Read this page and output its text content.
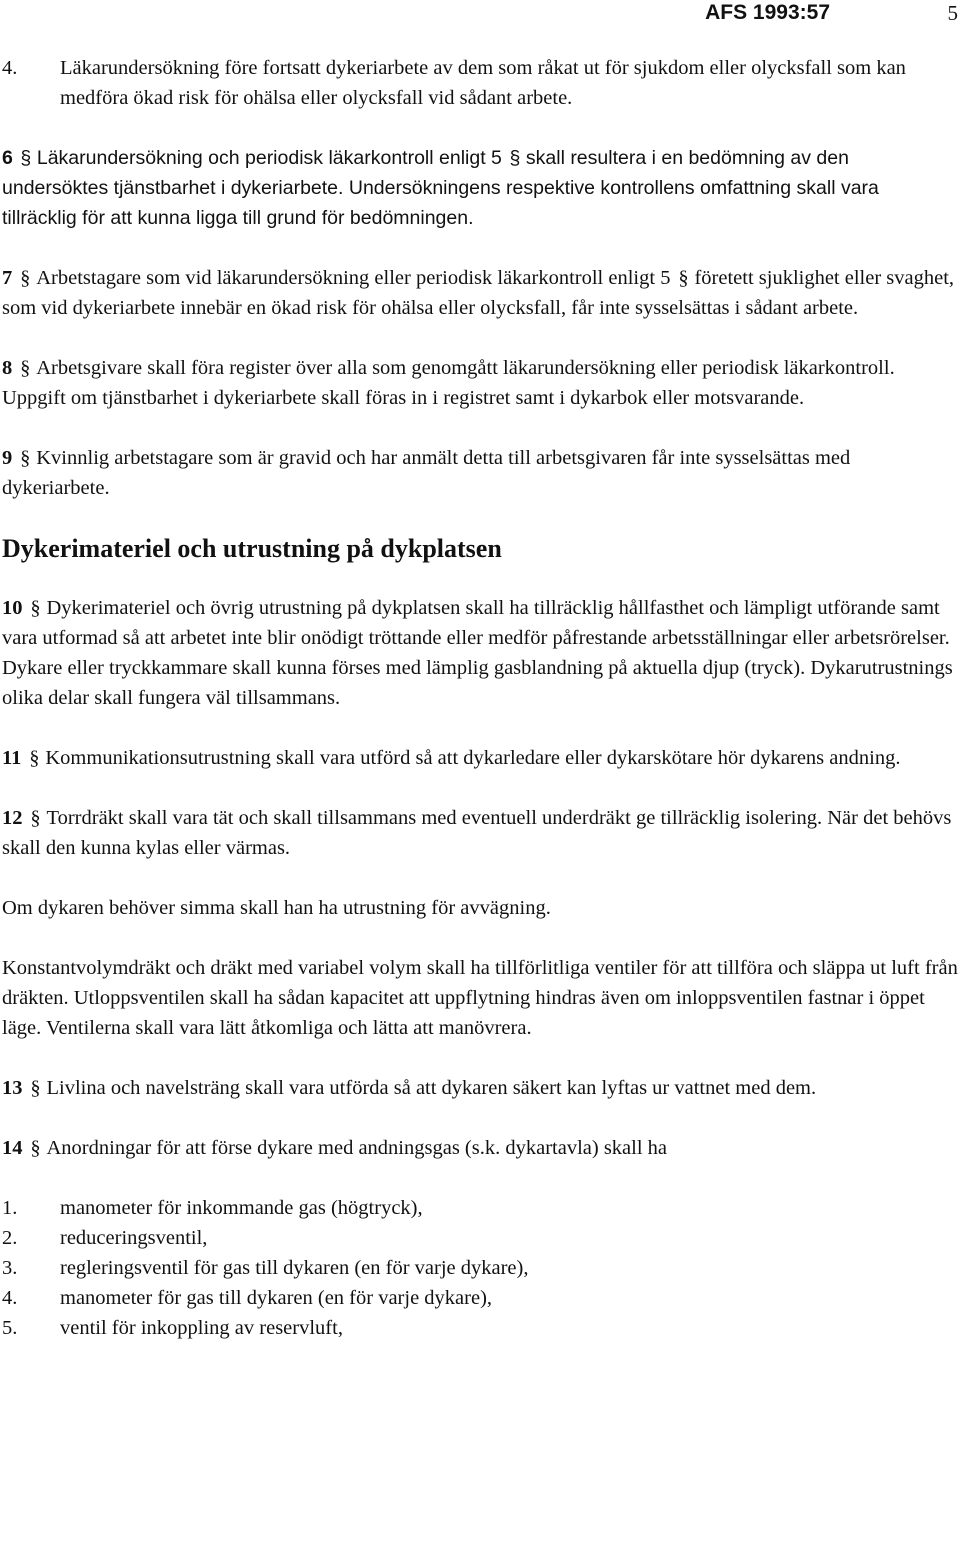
AFS 1993:57	5
4.	Läkarundersökning före fortsatt dykeriarbete av dem som råkat ut för sjukdom eller olycksfall som kan medföra ökad risk för ohälsa eller olycksfall vid sådant arbete.
6 § Läkarundersökning och periodisk läkarkontroll enligt 5 § skall resultera i en bedömning av den undersöktes tjänstbarhet i dykeriarbete. Undersökningens respektive kontrollens omfattning skall vara tillräcklig för att kunna ligga till grund för bedömningen.
7 § Arbetstagare som vid läkarundersökning eller periodisk läkarkontroll enligt 5 § företett sjuklighet eller svaghet, som vid dykeriarbete innebär en ökad risk för ohälsa eller olycksfall, får inte sysselsättas i sådant arbete.
8 § Arbetsgivare skall föra register över alla som genomgått läkarundersökning eller periodisk läkarkontroll. Uppgift om tjänstbarhet i dykeriarbete skall föras in i registret samt i dykarbok eller motsvarande.
9 § Kvinnlig arbetstagare som är gravid och har anmält detta till arbetsgivaren får inte sysselsättas med dykeriarbete.
Dykerimateriel och utrustning på dykplatsen
10 § Dykerimateriel och övrig utrustning på dykplatsen skall ha tillräcklig hållfasthet och lämpligt utförande samt vara utformad så att arbetet inte blir onödigt tröttande eller medför påfrestande arbetsställningar eller arbetsrörelser. Dykare eller tryckkammare skall kunna förses med lämplig gasblandning på aktuella djup (tryck). Dykarutrustnings olika delar skall fungera väl tillsammans.
11 § Kommunikationsutrustning skall vara utförd så att dykarledare eller dykarskötare hör dykarens andning.
12 § Torrdräkt skall vara tät och skall tillsammans med eventuell underdräkt ge tillräcklig isolering. När det behövs skall den kunna kylas eller värmas.
Om dykaren behöver simma skall han ha utrustning för avvägning.
Konstantvolymdräkt och dräkt med variabel volym skall ha tillförlitliga ventiler för att tillföra och släppa ut luft från dräkten. Utloppsventilen skall ha sådan kapacitet att uppflytning hindras även om inloppsventilen fastnar i öppet läge. Ventilerna skall vara lätt åtkomliga och lätta att manövrera.
13 § Livlina och navelsträng skall vara utförda så att dykaren säkert kan lyftas ur vattnet med dem.
14 § Anordningar för att förse dykare med andningsgas (s.k. dykartavla) skall ha
1.	manometer för inkommande gas (högtryck),
2.	reduceringsventil,
3.	regleringsventil för gas till dykaren (en för varje dykare),
4.	manometer för gas till dykaren (en för varje dykare),
5.	ventil för inkoppling av reservluft,
